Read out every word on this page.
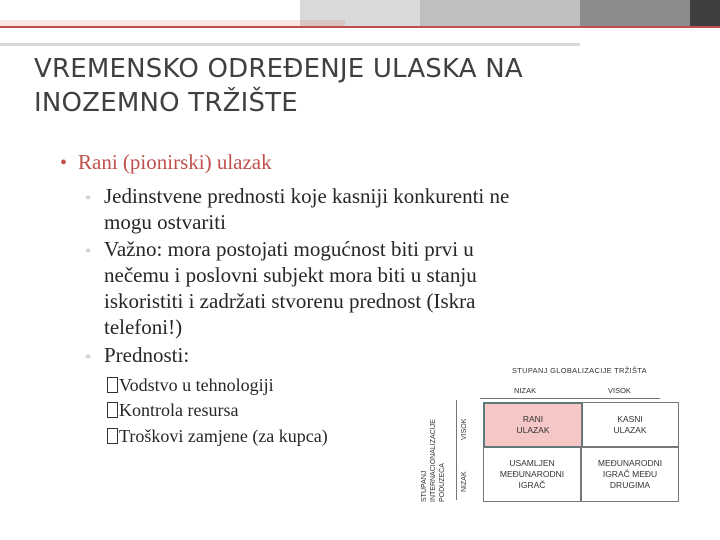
VREMENSKO ODREĐENJE ULASKA NA
INOZEMNO TRŽIŠTE
• Rani (pionirski) ulazak
▫ Jedinstvene prednosti koje kasniji konkurenti ne
mogu ostvariti
▫ Važno: mora postojati mogućnost biti prvi u
nečemu i poslovni subjekt mora biti u stanju
iskoristiti i zadržati stvorenu prednost (Iskra
telefoni!)
▫ Prednosti:
Vodstvo u tehnologiji
Kontrola resursa
Troškovi zamjene (za kupca)
STUPANJ GLOBALIZACIJE TRŽIŠTA
NIZAK	VISOK
STUPANJ INTERNACIONALIZACIJE PODUZEĆA
VISOK
NIZAK
RANI
ULAZAK
KASNI
ULAZAK
USAMLJEN
MEĐUNARODNI
IGRAČ
MEĐUNARODNI
IGRAČ MEĐU
DRUGIMA
